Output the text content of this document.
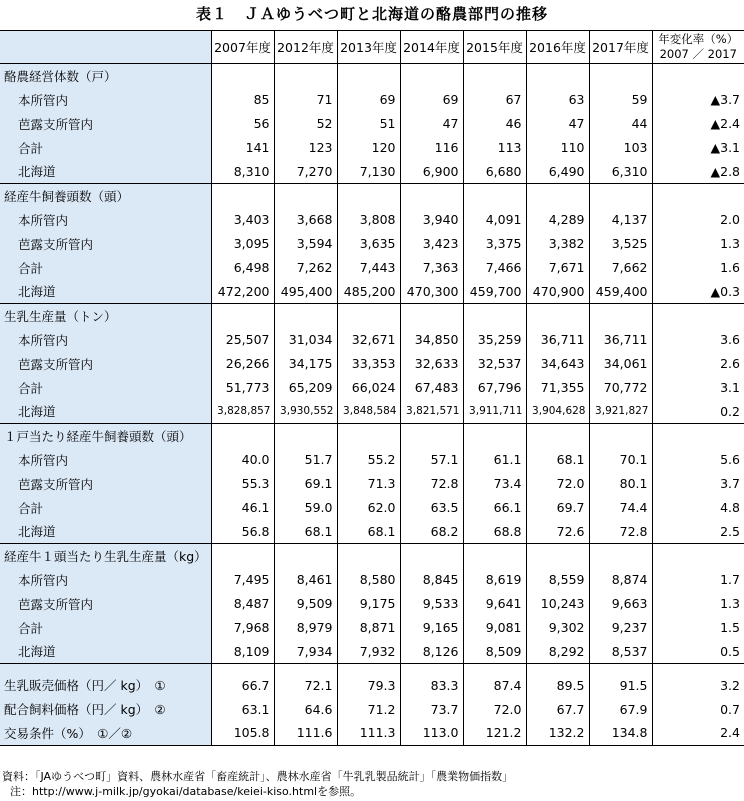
表１　ＪＡゆうべつ町と北海道の酪農部門の推移
	2007年度	2012年度	2013年度	2014年度	2015年度	2016年度	2017年度	年変化率（%）
2007 ／ 2017
酪農経営体数（戸）								
本所管内	85	71	69	69	67	63	59	▲3.7
芭露支所管内	56	52	51	47	46	47	44	▲2.4
合計	141	123	120	116	113	110	103	▲3.1
北海道	8,310	7,270	7,130	6,900	6,680	6,490	6,310	▲2.8
経産牛飼養頭数（頭）								
本所管内	3,403	3,668	3,808	3,940	4,091	4,289	4,137	2.0
芭露支所管内	3,095	3,594	3,635	3,423	3,375	3,382	3,525	1.3
合計	6,498	7,262	7,443	7,363	7,466	7,671	7,662	1.6
北海道	472,200	495,400	485,200	470,300	459,700	470,900	459,400	▲0.3
生乳生産量（トン）								
本所管内	25,507	31,034	32,671	34,850	35,259	36,711	36,711	3.6
芭露支所管内	26,266	34,175	33,353	32,633	32,537	34,643	34,061	2.6
合計	51,773	65,209	66,024	67,483	67,796	71,355	70,772	3.1
北海道	3,828,857	3,930,552	3,848,584	3,821,571	3,911,711	3,904,628	3,921,827	0.2
１戸当たり経産牛飼養頭数（頭）								
本所管内	40.0	51.7	55.2	57.1	61.1	68.1	70.1	5.6
芭露支所管内	55.3	69.1	71.3	72.8	73.4	72.0	80.1	3.7
合計	46.1	59.0	62.0	63.5	66.1	69.7	74.4	4.8
北海道	56.8	68.1	68.1	68.2	68.8	72.6	72.8	2.5
経産牛１頭当たり生乳生産量（kg）								
本所管内	7,495	8,461	8,580	8,845	8,619	8,559	8,874	1.7
芭露支所管内	8,487	9,509	9,175	9,533	9,641	10,243	9,663	1.3
合計	7,968	8,979	8,871	9,165	9,081	9,302	9,237	1.5
北海道	8,109	7,934	7,932	8,126	8,509	8,292	8,537	0.5

生乳販売価格（円／ kg）　①	66.7	72.1	79.3	83.3	87.4	89.5	91.5	3.2
配合飼料価格（円／ kg）　②	63.1	64.6	71.2	73.7	72.0	67.7	67.9	0.7
交易条件（%）　①／②	105.8	111.6	111.3	113.0	121.2	132.2	134.8	2.4
資料：「JAゆうべつ町」資料、農林水産省「畜産統計」、農林水産省「牛乳乳製品統計」「農業物価指数」
注：http://www.j-milk.jp/gyokai/database/keiei-kiso.htmlを参照。
